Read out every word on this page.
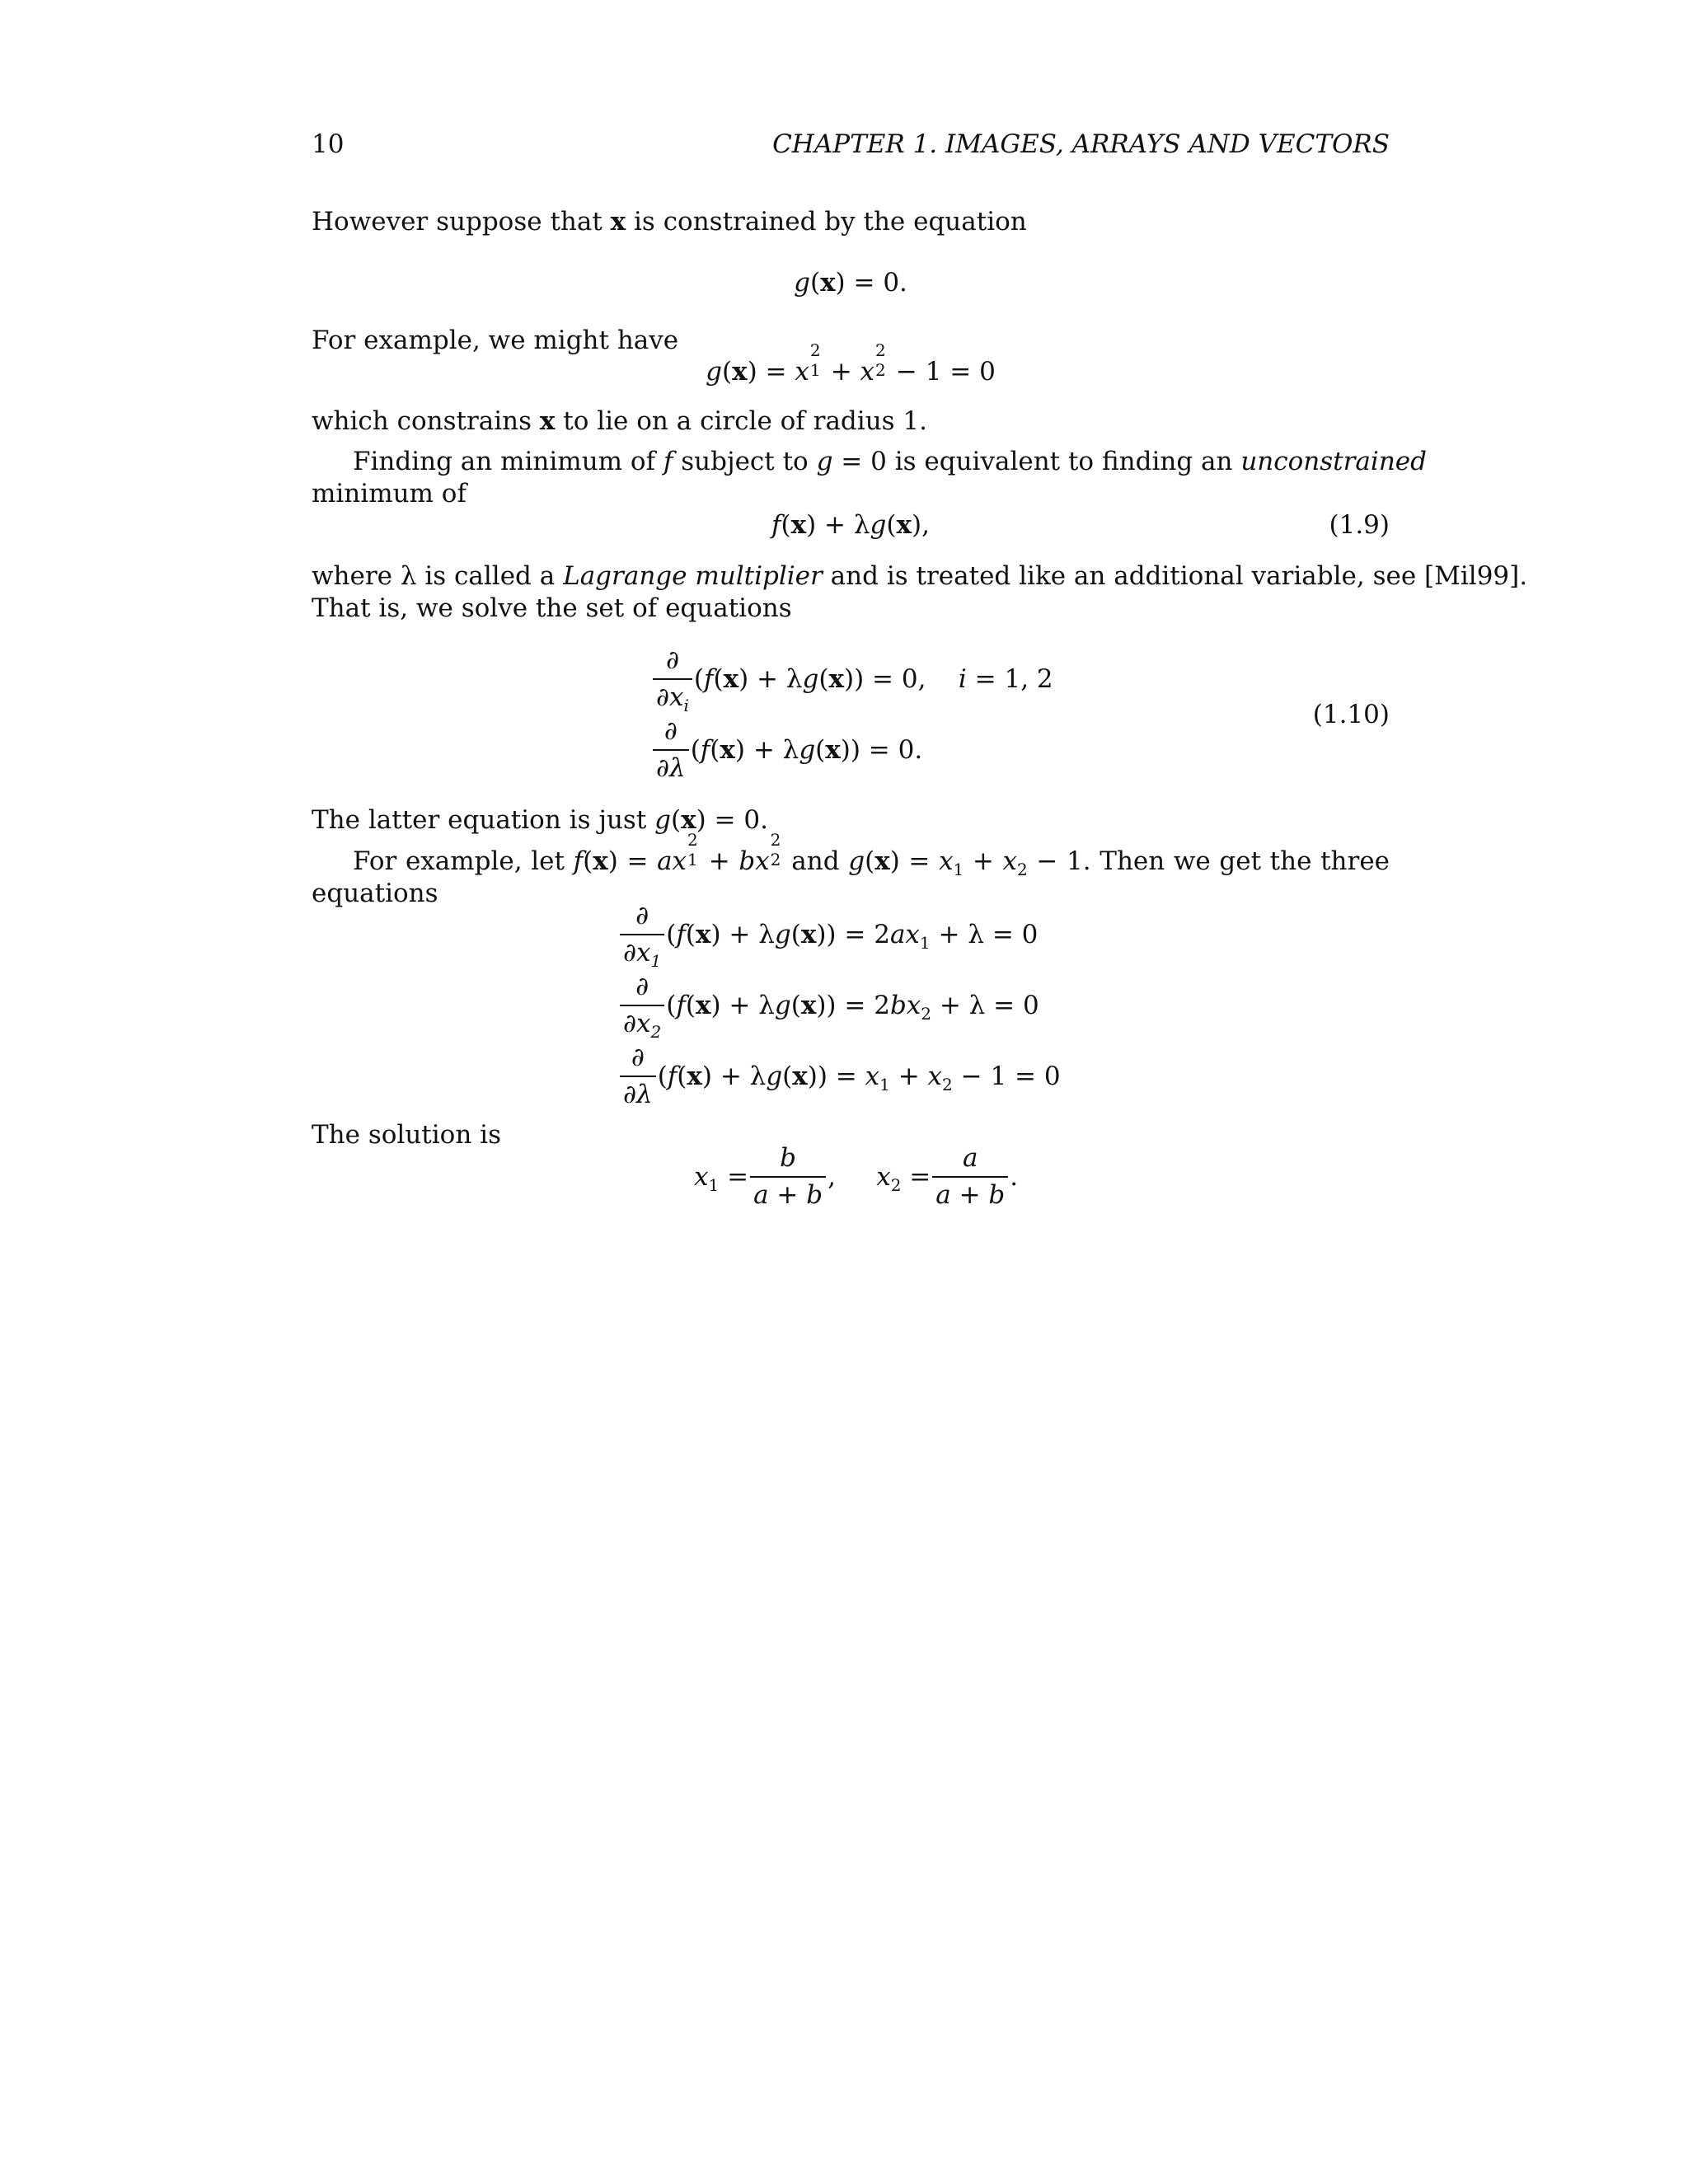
10	CHAPTER 1. IMAGES, ARRAYS AND VECTORS
However suppose that x is constrained by the equation
g(x) = 0.
For example, we might have
g(x) = x
2
1 + x
2
2 − 1 = 0
which constrains x to lie on a circle of radius 1.
Finding an minimum of f subject to g = 0 is equivalent to finding an unconstrained
minimum of
f(x) + λg(x),	(1.9)
where λ is called a Lagrange multiplier and is treated like an additional variable, see [Mil99].
That is, we solve the set of equations
$\frac{\partial}{\partial x_i} (f(x) + \lambda g(x)) = 0$,    i = 1, 2
$\frac{\partial}{\partial\lambda} (f(x) + \lambda g(x)) = 0$.
(1.10)
The latter equation is just g(x) = 0.
For example, let f(x) = ax
2
1 + bx
2
2 and $g(x) = x_1 + x_2 - 1$. Then we get the three
equations
$\frac{\partial}{\partial x_1} (f(x) + \lambda g(x)) = 2ax_1 + \lambda = 0$
$\frac{\partial}{\partial x_2} (f(x) + \lambda g(x)) = 2bx_2 + \lambda = 0$
$\frac{\partial}{\partial\lambda} (f(x) + \lambda g(x)) = x_1 + x_2 - 1 = 0$
The solution is
$x_1 = \frac{b}{a + b}$ ,     $x_2 = \frac{a}{a + b}$ .
